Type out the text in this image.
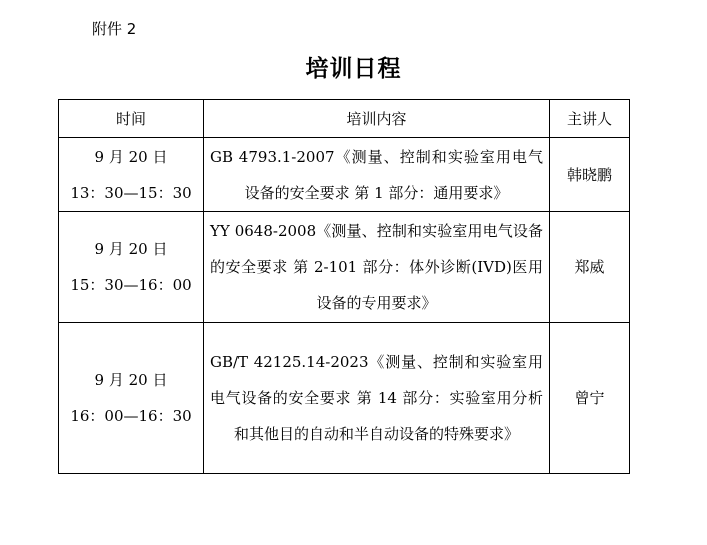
附件 2
培训日程
时间	培训内容	主讲人

9 月 20 日
13：30—15：30	GB 4793.1-2007《测量、控制和实验室用电气设备的安全要求 第 1 部分：通用要求》	韩晓鹏

9 月 20 日
15：30—16：00	YY 0648-2008《测量、控制和实验室用电气设备的安全要求 第 2-101 部分：体外诊断(IVD)医用设备的专用要求》	郑威

9 月 20 日
16：00—16：30	GB/T 42125.14-2023《测量、控制和实验室用电气设备的安全要求 第 14 部分：实验室用分析和其他目的自动和半自动设备的特殊要求》	曾宁
